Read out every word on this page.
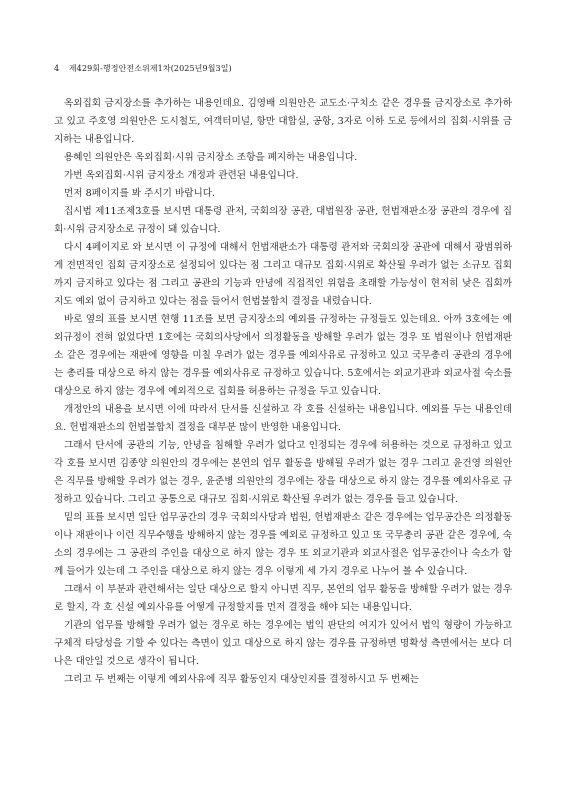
4 제429회-행정안전소위제1차(2025년9월3일)

옥외집회 금지장소를 추가하는 내용인데요. 김영배 의원안은 교도소·구치소 같은 경우를 금지장소로 추가하고 있고 주호영 의원안은 도시철도, 여객터미널, 항만 대합실, 공항, 3자로 이하 도로 등에서의 집회·시위를 금지하는 내용입니다.

용혜인 의원안은 옥외집회·시위 금지장소 조항을 폐지하는 내용입니다.

가번 옥외집회·시위 금지장소 개정과 관련된 내용입니다.

먼저 8페이지를 봐 주시기 바랍니다.

집시법 제11조제3호를 보시면 대통령 관저, 국회의장 공관, 대법원장 공관, 헌법재판소장 공관의 경우에 집회·시위 금지장소로 규정이 돼 있습니다.

다시 4페이지로 와 보시면 이 규정에 대해서 헌법재판소가 대통령 관저와 국회의장 공관에 대해서 광범위하게 전면적인 집회 금지장소로 설정되어 있다는 점 그리고 대규모 집회·시위로 확산될 우려가 없는 소규모 집회까지 금지하고 있다는 점 그리고 공관의 기능과 안녕에 직접적인 위험을 초래할 가능성이 현저히 낮은 집회까지도 예외 없이 금지하고 있다는 점을 들어서 헌법불합치 결정을 내렸습니다.

바로 옆의 표를 보시면 현행 11조를 보면 금지장소의 예외를 규정하는 규정들도 있는데요. 아까 3호에는 예외규정이 전혀 없었다면 1호에는 국회의사당에서 의정활동을 방해할 우려가 없는 경우 또 법원이나 헌법재판소 같은 경우에는 재판에 영향을 미칠 우려가 없는 경우를 예외사유로 규정하고 있고 국무총리 공관의 경우에는 총리를 대상으로 하지 않는 경우를 예외사유로 규정하고 있습니다. 5호에서는 외교기관과 외교사절 숙소를 대상으로 하지 않는 경우에 예외적으로 집회를 허용하는 규정을 두고 있습니다.

개정안의 내용을 보시면 이에 따라서 단서를 신설하고 각 호를 신설하는 내용입니다. 예외를 두는 내용인데요. 헌법재판소의 헌법불합치 결정을 대부분 많이 반영한 내용입니다.

그래서 단서에 공관의 기능, 안녕을 침해할 우려가 없다고 인정되는 경우에 허용하는 것으로 규정하고 있고 각 호를 보시면 김종양 의원안의 경우에는 본연의 업무 활동을 방해될 우려가 없는 경우 그리고 윤건영 의원안은 직무를 방해할 우려가 없는 경우, 윤준병 의원안의 경우에는 장을 대상으로 하지 않는 경우를 예외사유로 규정하고 있습니다. 그리고 공통으로 대규모 집회·시위로 확산될 우려가 없는 경우를 들고 있습니다.

밑의 표를 보시면 일단 업무공간의 경우 국회의사당과 법원, 헌법재판소 같은 경우에는 업무공간은 의정활동이나 재판이나 이런 직무수행을 방해하지 않는 경우를 예외로 규정하고 있고 또 국무총리 공관 같은 경우에, 숙소의 경우에는 그 공관의 주인을 대상으로 하지 않는 경우 또 외교기관과 외교사절은 업무공간이나 숙소가 함께 들어가 있는데 그 주인을 대상으로 하지 않는 경우 이렇게 세 가지 경우로 나누어 볼 수 있습니다.

그래서 이 부분과 관련해서는 일단 대상으로 할지 아니면 직무, 본연의 업무 활동을 방해할 우려가 없는 경우로 할지, 각 호 신설 예외사유를 어떻게 규정할지를 먼저 결정을 해야 되는 내용입니다.

기관의 업무를 방해할 우려가 없는 경우로 하는 경우에는 법익 판단의 여지가 있어서 법익 형량이 가능하고 구체적 타당성을 기할 수 있다는 측면이 있고 대상으로 하지 않는 경우를 규정하면 명확성 측면에서는 보다 더 나은 대안일 것으로 생각이 됩니다.

그리고 두 번째는 이렇게 예외사유에 직무 활동인지 대상인지를 결정하시고 두 번째는
